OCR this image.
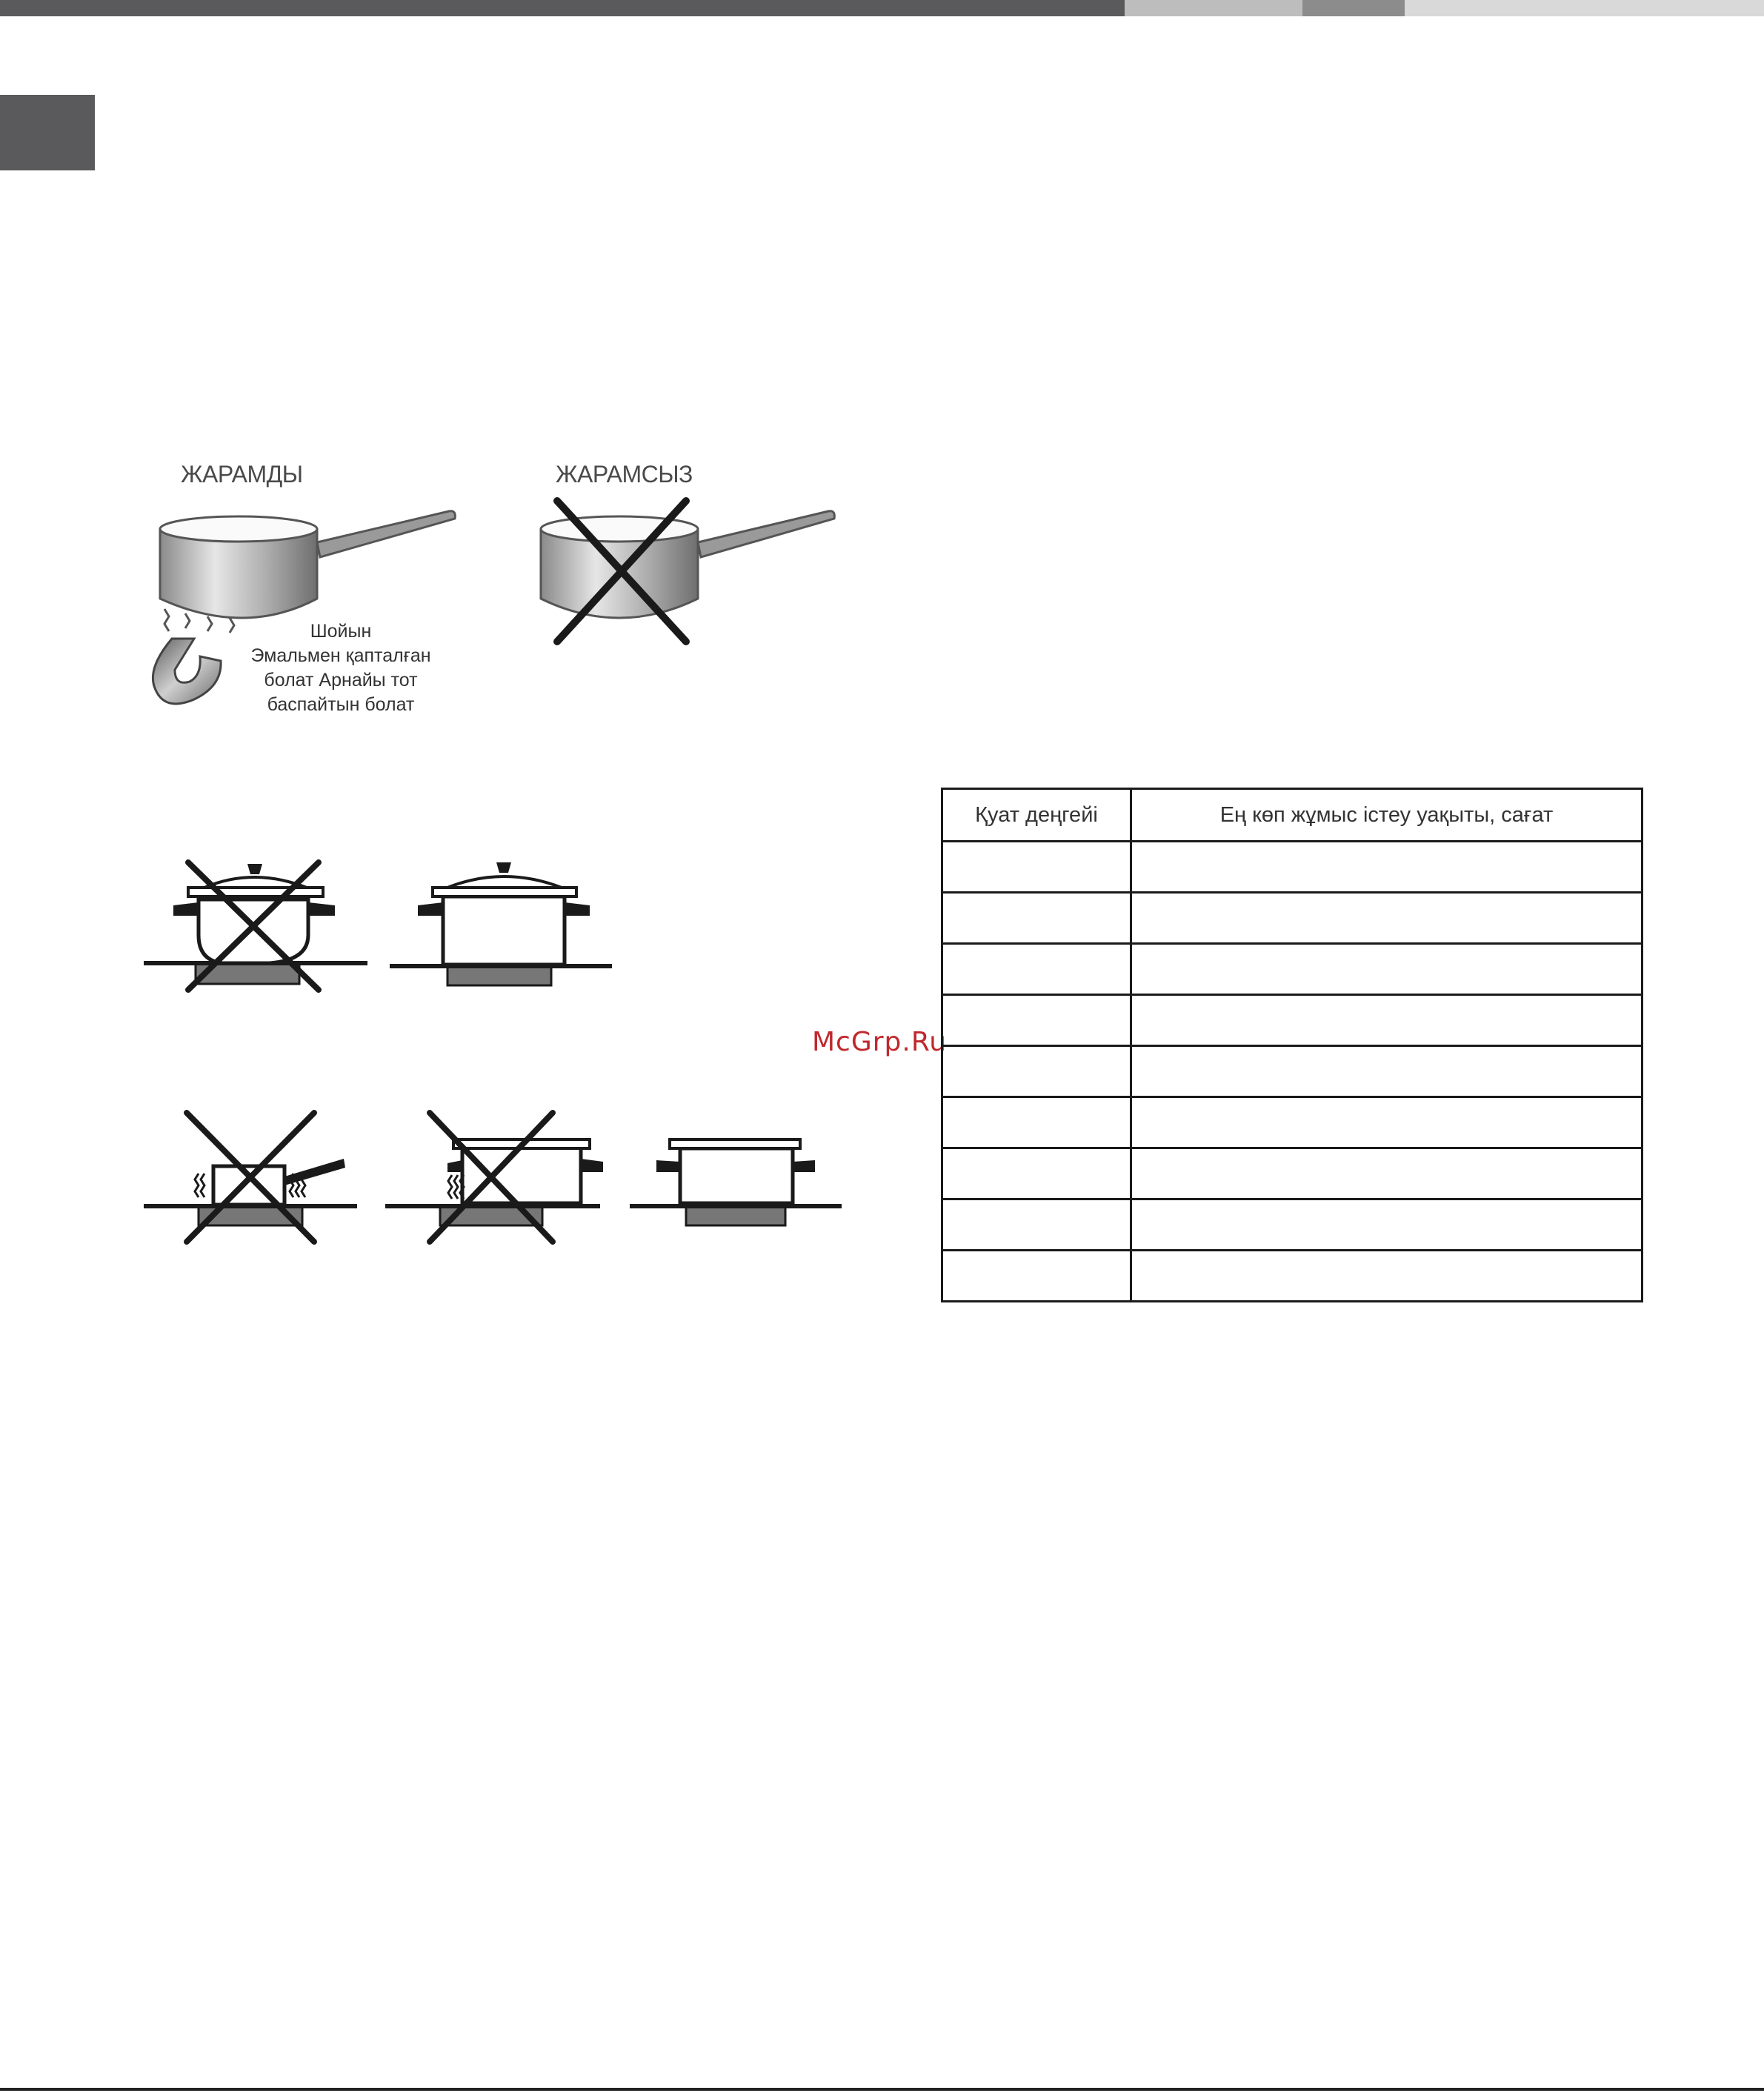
ЖАРАМДЫ	ЖАРАМСЫЗ
Шойын
Эмальмен қапталған
болат Арнайы тот
баспайтын болат
McGrp.Ru
Қуат деңгейі	Ең көп жұмыс істеу уақыты, сағат
